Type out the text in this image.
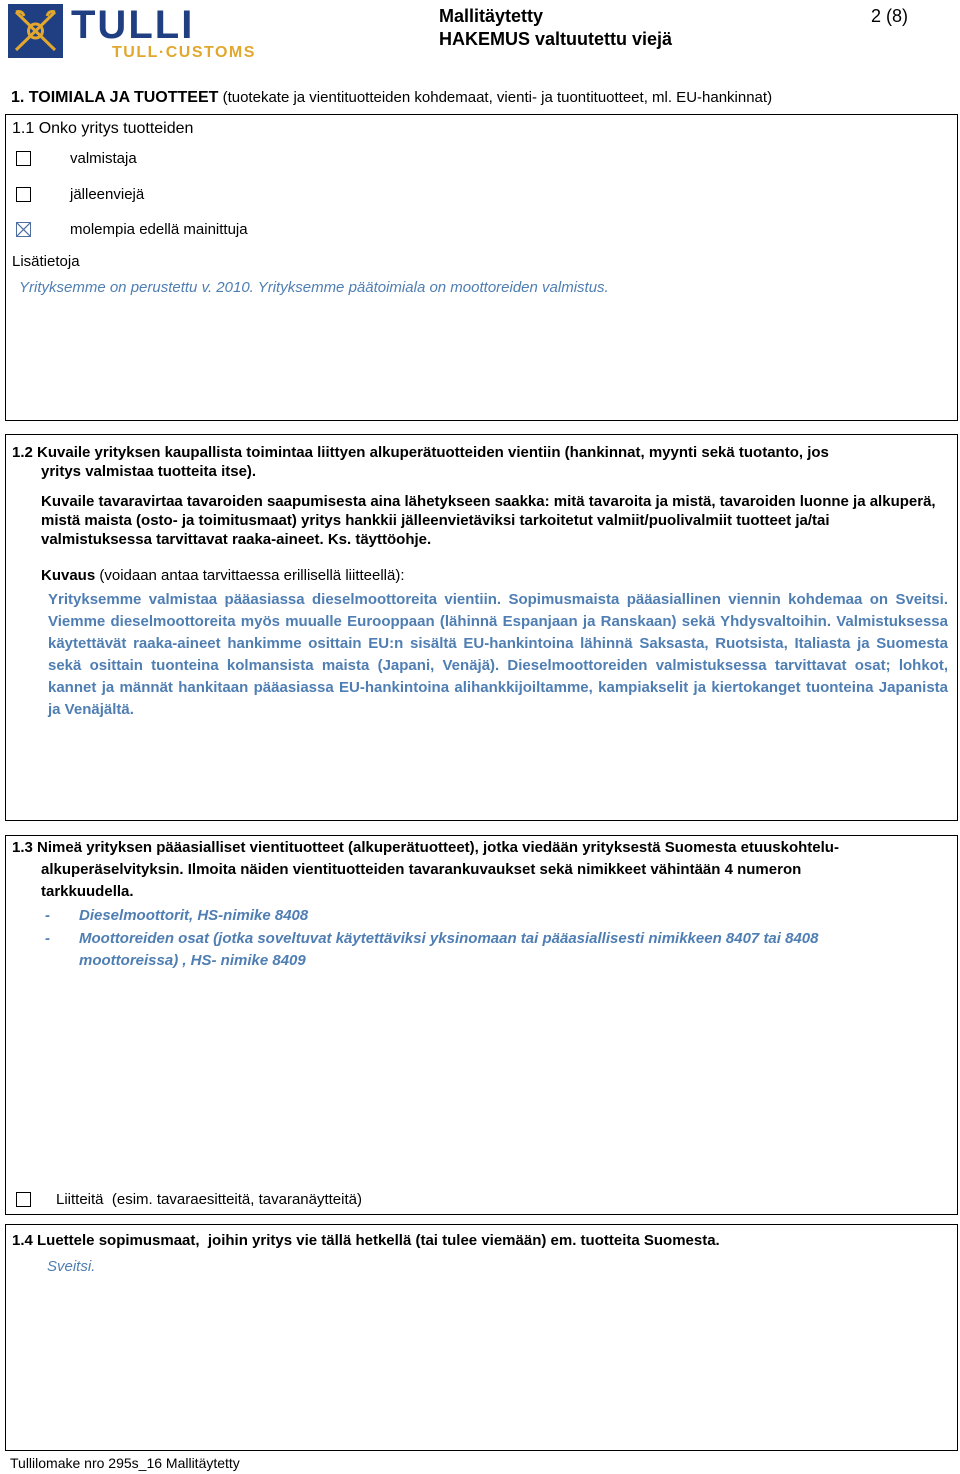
TULLI
TULL·CUSTOMS
Mallitäytetty
HAKEMUS valtuutettu viejä
2 (8)
1. TOIMIALA JA TUOTTEET (tuotekate ja vientituotteiden kohdemaat, vienti- ja tuontituotteet, ml. EU-hankinnat)
1.1 Onko yritys tuotteiden
valmistaja
jälleenviejä
molempia edellä mainittuja
Lisätietoja
Yrityksemme on perustettu v. 2010. Yrityksemme päätoimiala on moottoreiden valmistus.
1.2 Kuvaile yrityksen kaupallista toimintaa liittyen alkuperätuotteiden vientiin (hankinnat, myynti sekä tuotanto, jos
yritys valmistaa tuotteita itse).
Kuvaile tavaravirtaa tavaroiden saapumisesta aina lähetykseen saakka: mitä tavaroita ja mistä, tavaroiden luonne ja alkuperä, mistä maista (osto- ja toimitusmaat) yritys hankkii jälleenvietäviksi tarkoitetut valmiit/puolivalmiit tuotteet ja/tai valmistuksessa tarvittavat raaka-aineet. Ks. täyttöohje.
Kuvaus (voidaan antaa tarvittaessa erillisellä liitteellä):
Yrityksemme valmistaa pääasiassa dieselmoottoreita vientiin. Sopimusmaista pääasiallinen viennin kohdemaa on Sveitsi. Viemme dieselmoottoreita myös muualle Eurooppaan (lähinnä Espanjaan ja Ranskaan) sekä Yhdysvaltoihin. Valmistuksessa käytettävät raaka-aineet hankimme osittain EU:n sisältä EU-hankintoina lähinnä Saksasta, Ruotsista, Italiasta ja Suomesta sekä osittain tuonteina kolmansista maista (Japani, Venäjä). Dieselmoottoreiden valmistuksessa tarvittavat osat; lohkot, kannet ja männät hankitaan pääasiassa EU-hankintoina alihankkijoiltamme, kampiakselit ja kiertokanget tuonteina Japanista ja Venäjältä.
1.3 Nimeä yrityksen pääasialliset vientituotteet (alkuperätuotteet), jotka viedään yrityksestä Suomesta etuuskohtelu-
alkuperäselvityksin. Ilmoita näiden vientituotteiden tavarankuvaukset sekä nimikkeet vähintään 4 numeron
tarkkuudella.
- Dieselmoottorit, HS-nimike 8408
- Moottoreiden osat (jotka soveltuvat käytettäviksi yksinomaan tai pääasiallisesti nimikkeen 8407 tai 8408
moottoreissa) , HS- nimike 8409
Liitteitä (esim. tavaraesitteitä, tavaranäytteitä)
1.4 Luettele sopimusmaat,  joihin yritys vie tällä hetkellä (tai tulee viemään) em. tuotteita Suomesta.
Sveitsi.
Tullilomake nro 295s_16 Mallitäytetty
